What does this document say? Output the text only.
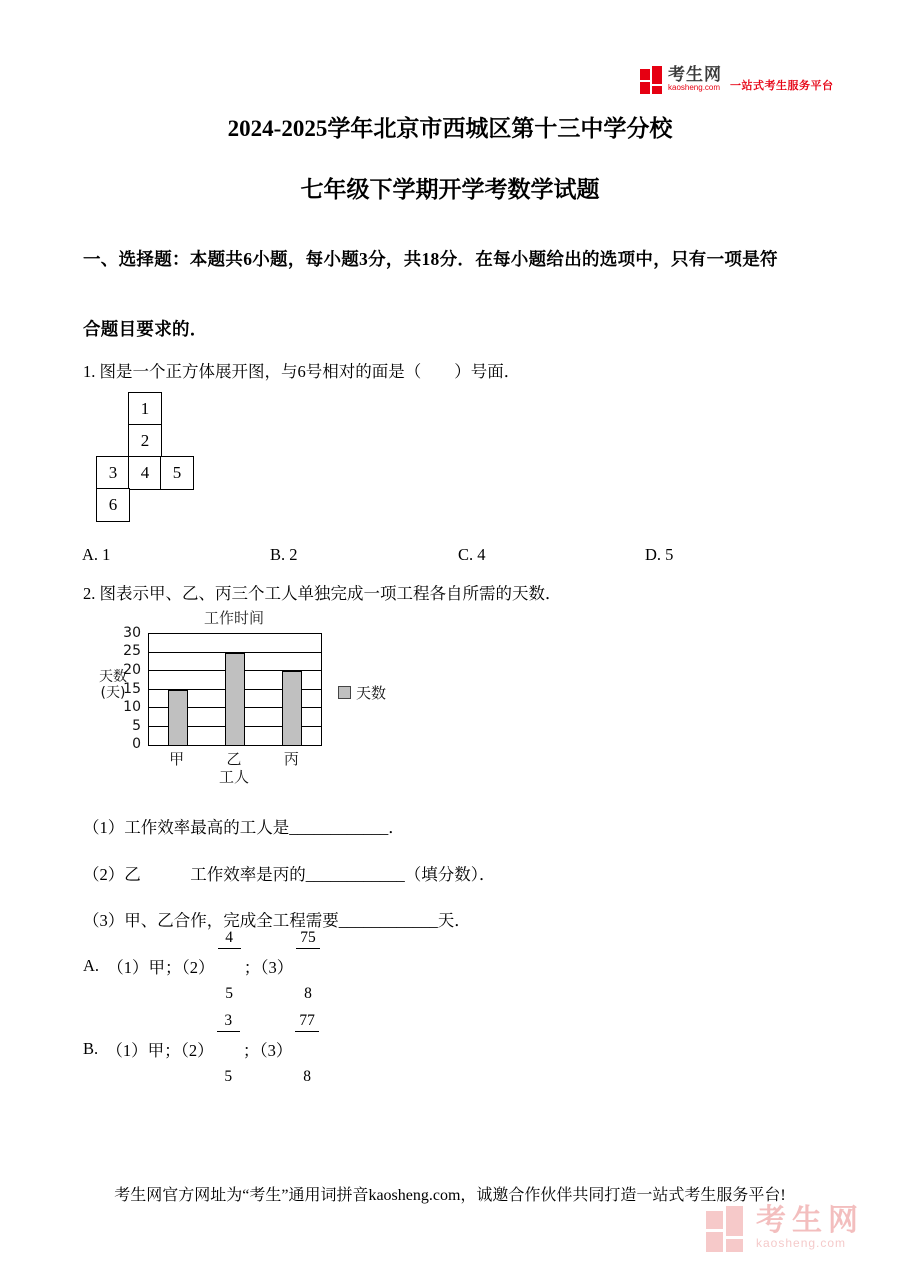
考生网
kaosheng.com 一站式考生服务平台
2024-2025学年北京市西城区第十三中学分校
七年级下学期开学考数学试题
一、选择题：本题共6小题，每小题3分，共18分．在每小题给出的选项中，只有一项是符
合题目要求的．
1. 图是一个正方体展开图，与6号相对的面是（　　）号面．
1
2
3	4	5
6
A. 1	B. 2	C. 4	D. 5
2. 图表示甲、乙、丙三个工人单独完成一项工程各自所需的天数．
工作时间
天数
(天)
0
5
10
15
20
25
30
甲	乙	丙
工人
天数
（1）工作效率最高的工人是____________．
（2）乙　　　工作效率是丙的____________（填分数）．
（3）甲、乙合作，完成全工程需要____________天．
A.
（1）甲；（2）

$\frac{4}{5}$

；（3）

$\frac{75}{8}$

B.
（1）甲；（2）

$\frac{3}{5}$

；（3）

$\frac{77}{8}$

考生网官方网址为“考生”通用词拼音kaosheng.com，诚邀合作伙伴共同打造一站式考生服务平台!
考生网
kaosheng.com
